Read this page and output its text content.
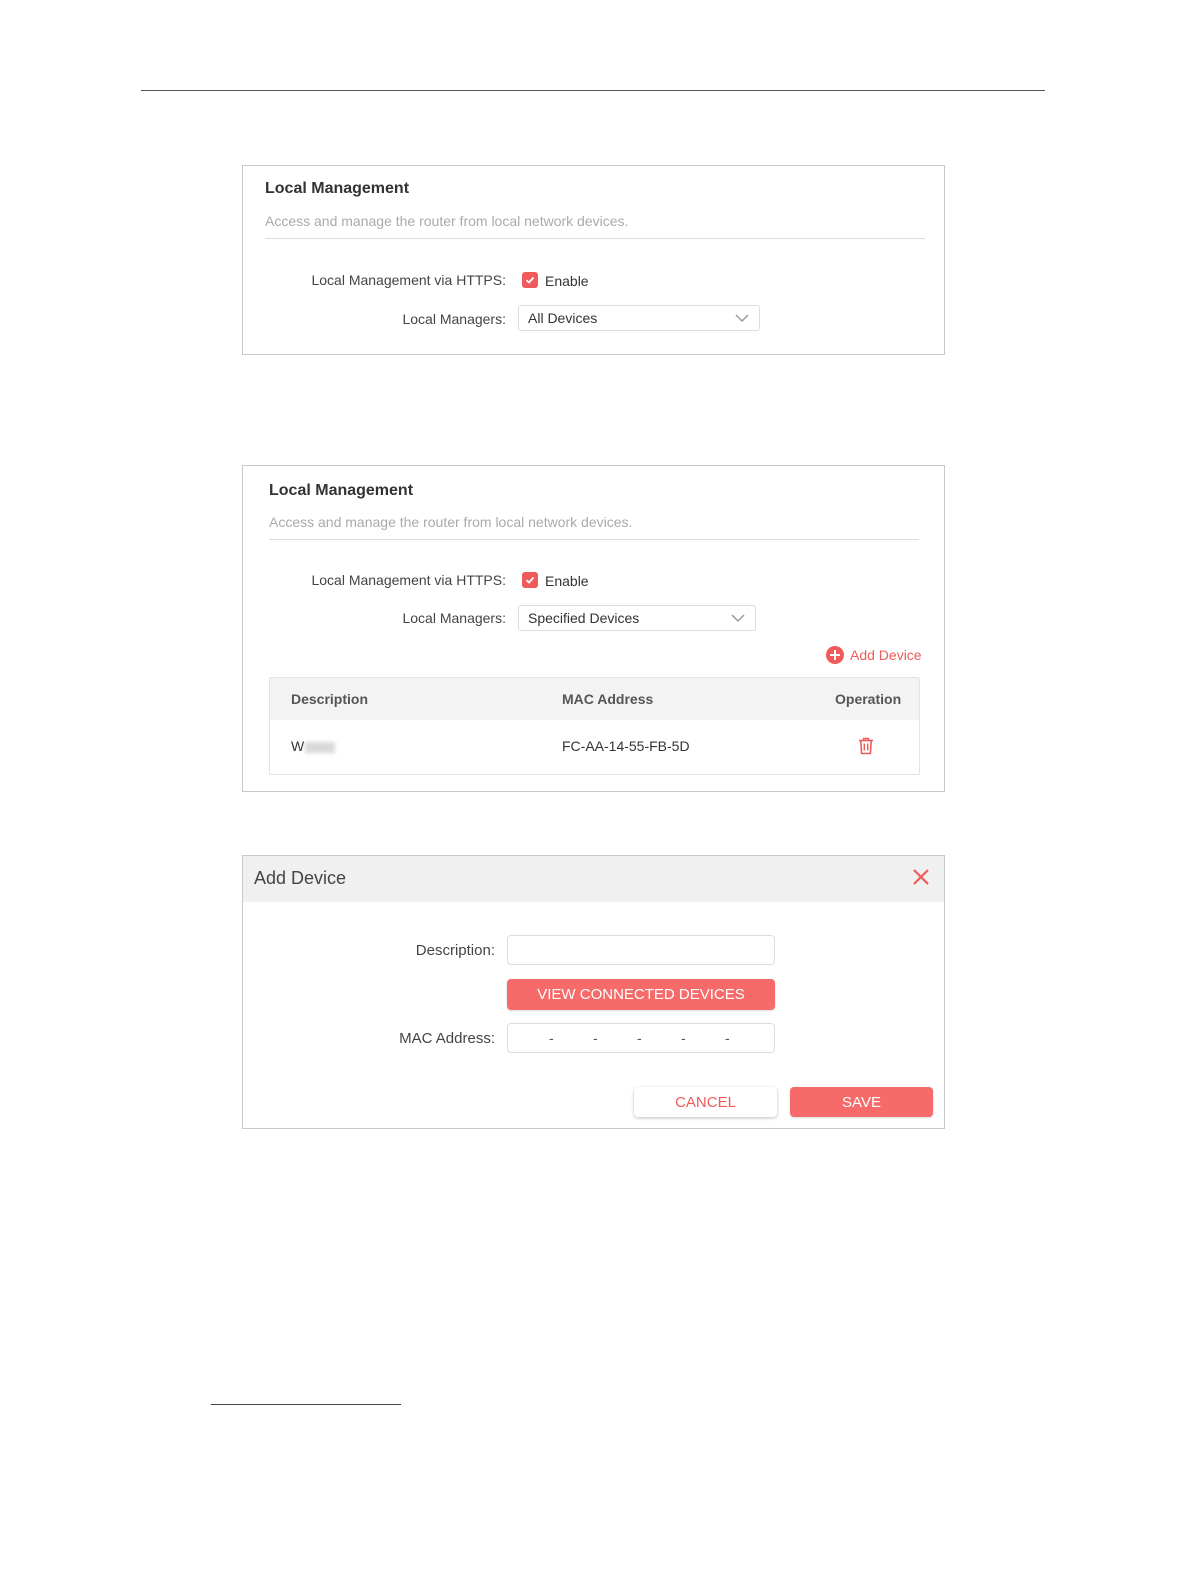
Local Management
Access and manage the router from local network devices.
Local Management via HTTPS:	Enable
Local Managers: All Devices
Local Management
Access and manage the router from local network devices.
Local Management via HTTPS:	Enable
Local Managers: Specified Devices
Add Device
Description	MAC Address	Operation
W	FC-AA-14-55-FB-5D
Add Device
Description:
VIEW CONNECTED DEVICES
MAC Address:	-	-	-	-	-
CANCEL	SAVE
